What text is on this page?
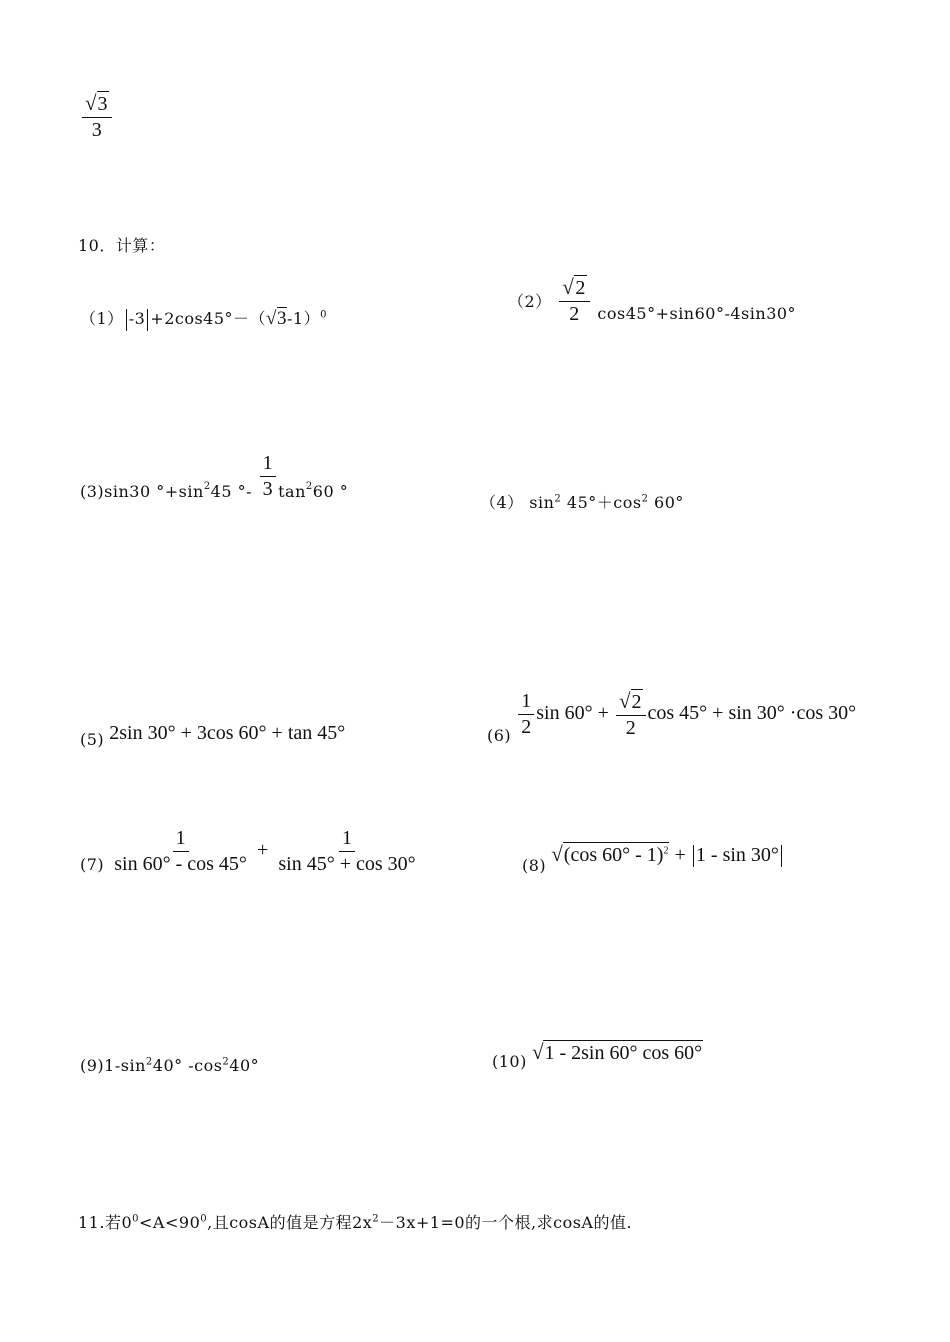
$\frac{√3}{3}$
10．计算：
（1） $-3 +2\cos 45^\circ-(√3-1)^0$
$(2) \frac{√2}{2} \cos 45^\circ+\sin 60^\circ-4\sin 30^\circ$
(3)sin30 $^\circ+\sin_245$ °- $\frac{1}{3} \tan_260$ °
（4） $\sin^2 45^\circ+\cos^2$ 60°
(5) 2sin 30° + 3cos 60° + tan 45°	$(6) \frac{1}{2}$ $\sin 60^\circ + \frac{√2}{2}$ cos 45° + sin 30° ·cos 30°
$(7) \frac{1}{\sin 60^\circ - \cos 45^\circ} + \frac{1}{\sin 45^\circ + \cos 30^\circ}$	(8) √(cos 60° - 1)$^2$ + 1 - sin 30°
$(9)1-\sin^240^\circ$ $-\cos^240^\circ$	(10) √1 - 2sin 60° cos 60°
11.若$0^0<A<90^0$,且cosA的值是方程$2x^2-3x+1=0$的一个根,求cosA的值.
